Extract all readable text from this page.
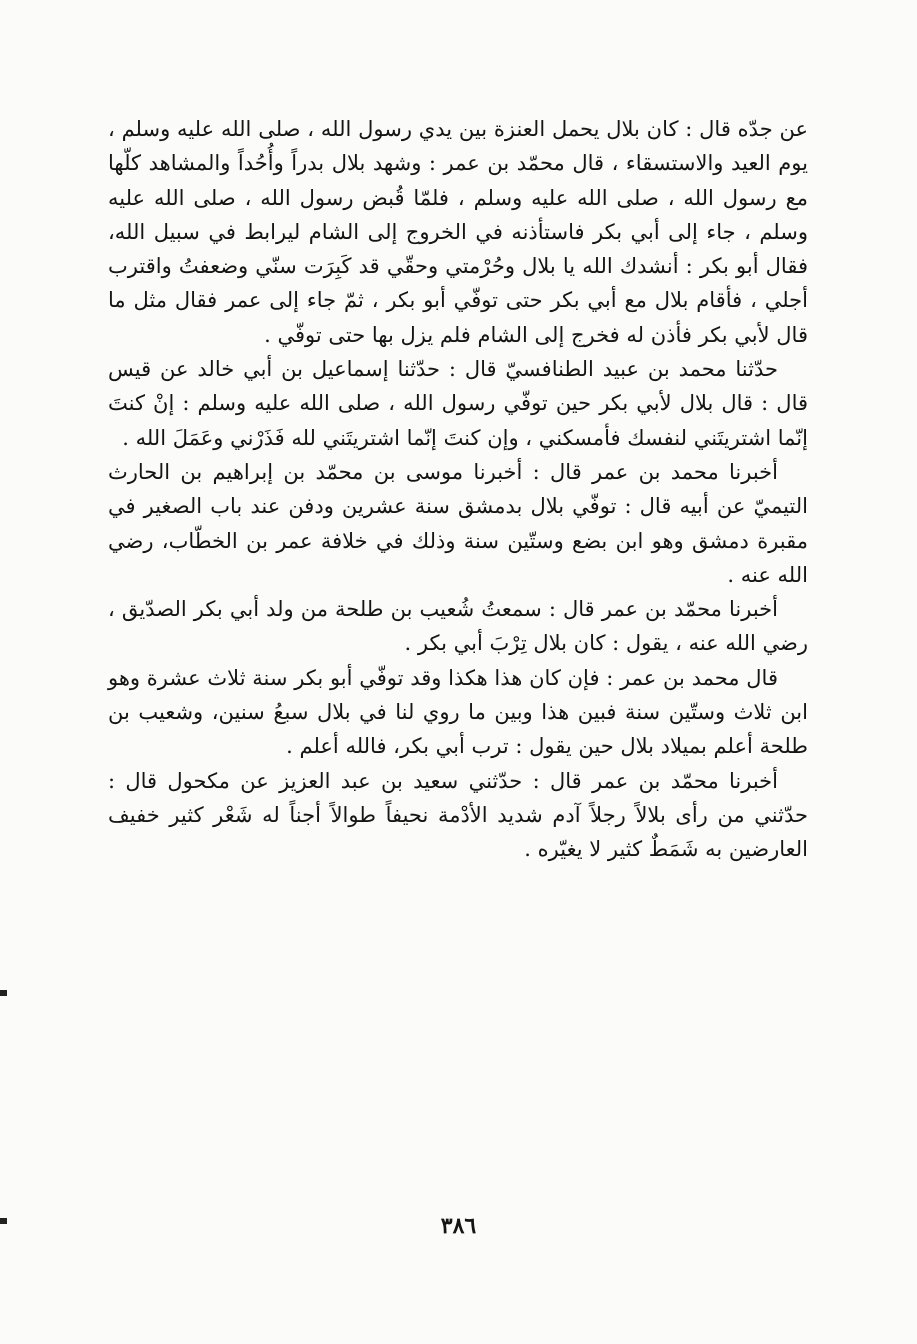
عن جدّه قال : كان بلال يحمل العنزة بين يدي رسول الله ، صلى الله عليه وسلم ، يوم العيد والاستسقاء ، قال محمّد بن عمر : وشهد بلال بدراً وأُحُداً والمشاهد كلّها مع رسول الله ، صلى الله عليه وسلم ، فلمّا قُبض رسول الله ، صلى الله عليه وسلم ، جاء إلى أبي بكر فاستأذنه في الخروج إلى الشام ليرابط في سبيل الله، فقال أبو بكر : أنشدك الله يا بلال وحُرْمتي وحقّي قد كَبِرَت سنّي وضعفتُ واقترب أجلي ، فأقام بلال مع أبي بكر حتى توفّي أبو بكر ، ثمّ جاء إلى عمر فقال مثل ما قال لأبي بكر فأذن له فخرج إلى الشام فلم يزل بها حتى توفّي .

حدّثنا محمد بن عبيد الطنافسيّ قال : حدّثنا إسماعيل بن أبي خالد عن قيس قال : قال بلال لأبي بكر حين توفّي رسول الله ، صلى الله عليه وسلم : إنْ كنتَ إنّما اشتريتَني لنفسك فأمسكني ، وإن كنتَ إنّما اشتريتَني لله فَذَرْني وعَمَلَ الله .

أخبرنا محمد بن عمر قال : أخبرنا موسى بن محمّد بن إبراهيم بن الحارث التيميّ عن أبيه قال : توفّي بلال بدمشق سنة عشرين ودفن عند باب الصغير في مقبرة دمشق وهو ابن بضع وستّين سنة وذلك في خلافة عمر بن الخطّاب، رضي الله عنه .

أخبرنا محمّد بن عمر قال : سمعتُ شُعيب بن طلحة من ولد أبي بكر الصدّيق ، رضي الله عنه ، يقول : كان بلال تِرْبَ أبي بكر .

قال محمد بن عمر : فإن كان هذا هكذا وقد توفّي أبو بكر سنة ثلاث عشرة وهو ابن ثلاث وستّين سنة فبين هذا وبين ما روي لنا في بلال سبعُ سنين، وشعيب بن طلحة أعلم بميلاد بلال حين يقول : ترب أبي بكر، فالله أعلم .

أخبرنا محمّد بن عمر قال : حدّثني سعيد بن عبد العزيز عن مكحول قال : حدّثني من رأى بلالاً رجلاً آدم شديد الأدْمة نحيفاً طوالاً أجناً له شَعْر كثير خفيف العارضين به شَمَطٌ كثير لا يغيّره .

٣٨٦
